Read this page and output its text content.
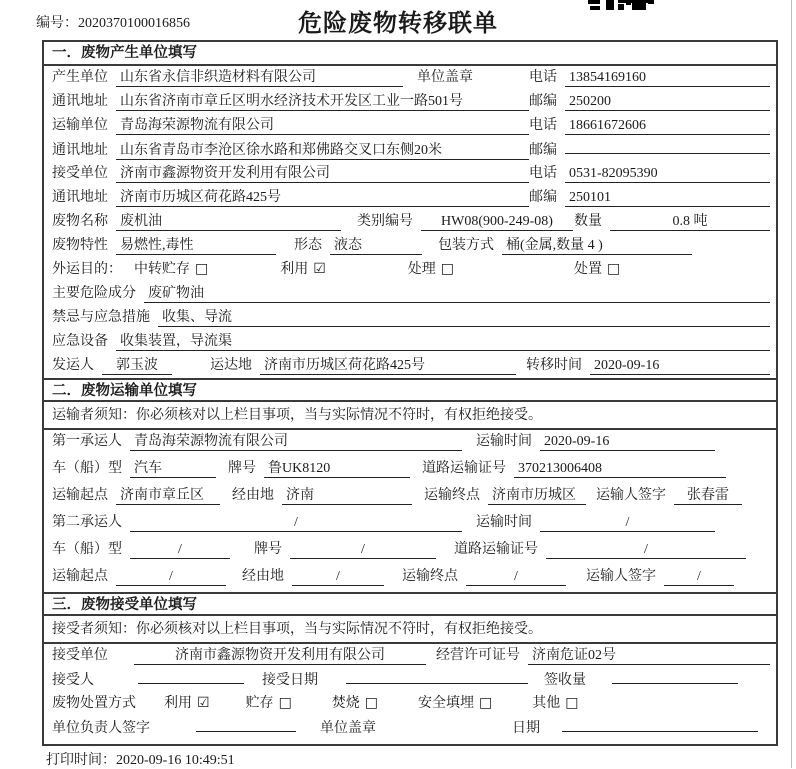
编号：2020370100016856	危险废物转移联单
一．废物产生单位填写
产生单位 山东省永信非织造材料有限公司	单位盖章	电话 13854169160
通讯地址 山东省济南市章丘区明水经济技术开发区工业一路501号	邮编 250200
运输单位 青岛海荣源物流有限公司	电话 18661672606
通讯地址 山东省青岛市李沧区徐水路和郑佛路交叉口东侧20米	邮编
接受单位 济南市鑫源物资开发利用有限公司	电话 0531-82095390
通讯地址 济南市历城区荷花路425号	邮编 250101
废物名称 废机油	类别编号	HW08(900-249-08)	数量	0.8 吨
废物特性 易燃性,毒性	形态 液态	包装方式 桶(金属,数量 4 )
外运目的： 中转贮存 □	利用 ☑	处理 □	处置 □
主要危险成分 废矿物油
禁忌与应急措施 收集、导流
应急设备 收集装置，导流渠
发运人	郭玉波	运达地 济南市历城区荷花路425号	转移时间 2020-09-16
二．废物运输单位填写
运输者须知：你必须核对以上栏目事项，当与实际情况不符时，有权拒绝接受。
第一承运人 青岛海荣源物流有限公司	运输时间 2020-09-16
车（船）型 汽车	牌号 鲁UK8120	道路运输证号 370213006408
运输起点 济南市章丘区	经由地 济南	运输终点 济南市历城区	运输人签字	张春雷
第二承运人	/	运输时间	/
车（船）型	/	牌号	/	道路运输证号	/
运输起点	/	经由地	/	运输终点	/	运输人签字	/
三．废物接受单位填写
接受者须知：你必须核对以上栏目事项，当与实际情况不符时，有权拒绝接受。
接受单位	济南市鑫源物资开发利用有限公司	经营许可证号 济南危证02号
接受人	接受日期	签收量
废物处置方式 利用 ☑	贮存 □	焚烧 □	安全填埋 □	其他 □
单位负责人签字	单位盖章	日期
打印时间：2020-09-16 10:49:51
